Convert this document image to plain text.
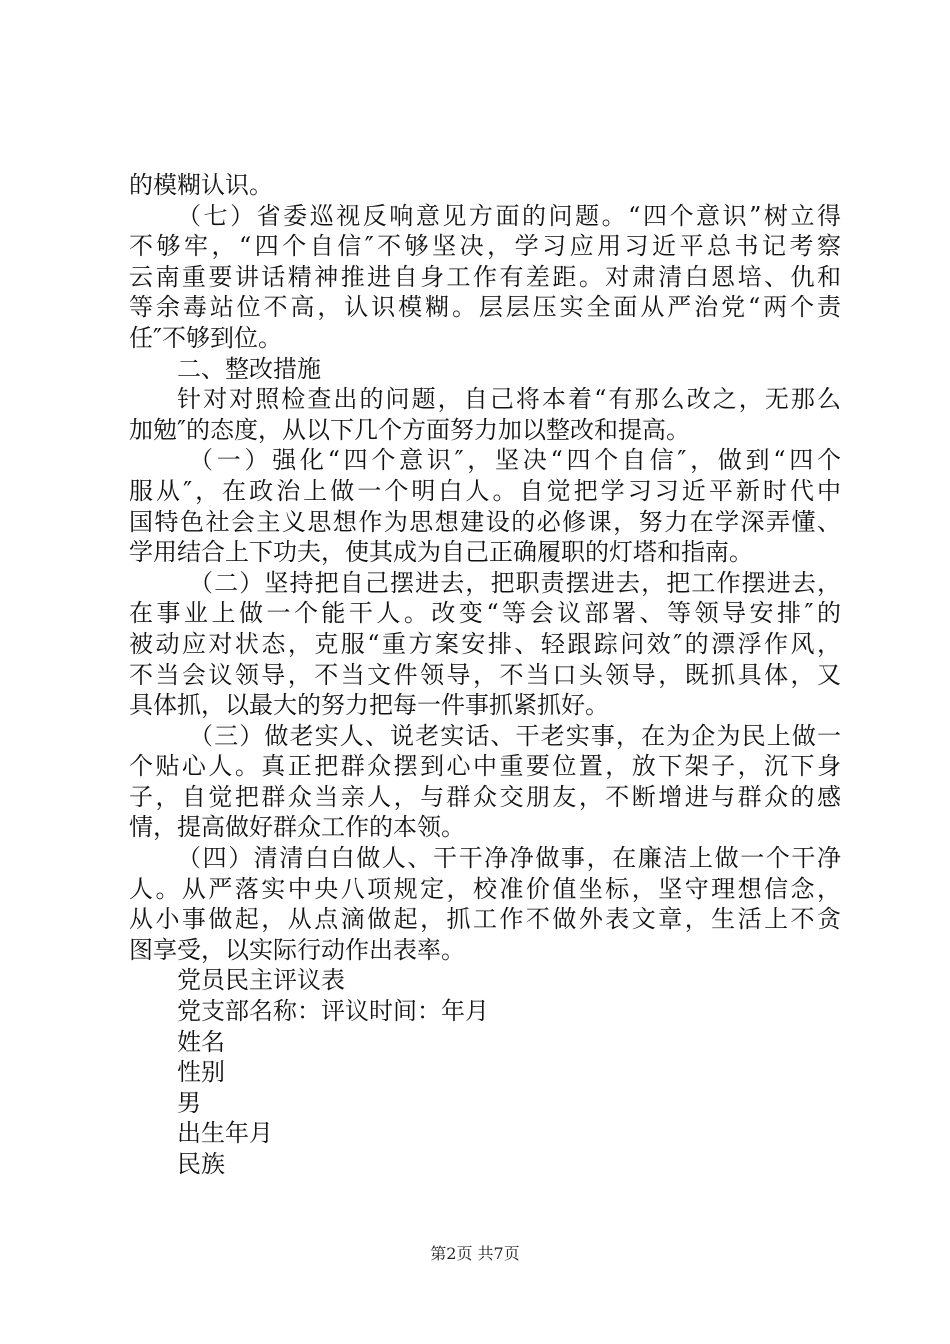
的模糊认识。
（七）省委巡视反响意见方面的问题。“四个意识”树立得
不够牢，“四个自信″不够坚决，学习应用习近平总书记考察
云南重要讲话精神推进自身工作有差距。对肃清白恩培、仇和
等余毒站位不高，认识模糊。层层压实全面从严治党“两个责
任″不够到位。
二、整改措施
针对对照检查出的问题，自己将本着“有那么改之，无那么
加勉″的态度，从以下几个方面努力加以整改和提高。
（一）强化“四个意识″，坚决“四个自信″，做到“四个
服从″，在政治上做一个明白人。自觉把学习习近平新时代中
国特色社会主义思想作为思想建设的必修课，努力在学深弄懂、
学用结合上下功夫，使其成为自己正确履职的灯塔和指南。
（二）坚持把自己摆进去，把职责摆进去，把工作摆进去，
在事业上做一个能干人。改变“等会议部署、等领导安排″的
被动应对状态，克服“重方案安排、轻跟踪问效″的漂浮作风，
不当会议领导，不当文件领导，不当口头领导，既抓具体，又
具体抓，以最大的努力把每一件事抓紧抓好。
（三）做老实人、说老实话、干老实事，在为企为民上做一
个贴心人。真正把群众摆到心中重要位置，放下架子，沉下身
子，自觉把群众当亲人，与群众交朋友，不断增进与群众的感
情，提高做好群众工作的本领。
（四）清清白白做人、干干净净做事，在廉洁上做一个干净
人。从严落实中央八项规定，校准价值坐标，坚守理想信念，
从小事做起，从点滴做起，抓工作不做外表文章，生活上不贪
图享受，以实际行动作出表率。
党员民主评议表
党支部名称：评议时间：年月
姓名
性别
男
出生年月
民族
第2页 共7页
